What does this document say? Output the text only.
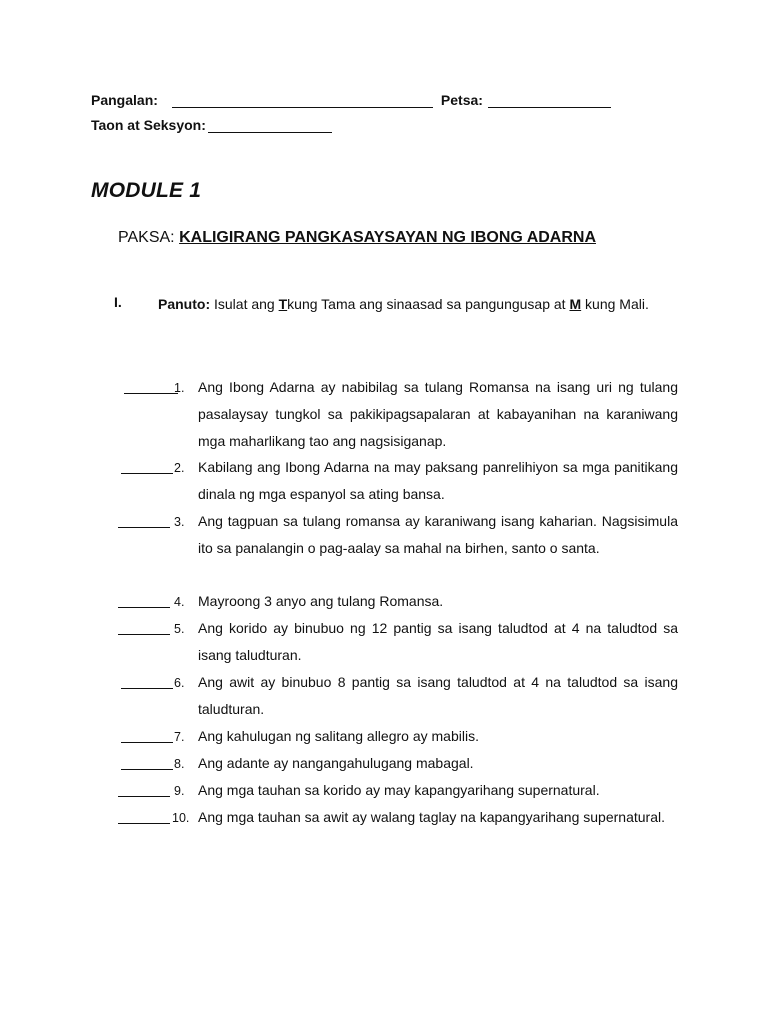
Pangalan:	Petsa:
Taon at Seksyon:
MODULE 1
PAKSA: KALIGIRANG PANGKASAYSAYAN NG IBONG ADARNA
I.	Panuto: Isulat ang Tkung Tama ang sinaasad sa pangungusap at M kung Mali.
1. Ang Ibong Adarna ay nabibilag sa tulang Romansa na isang uri ng tulang pasalaysay tungkol sa pakikipagsapalaran at kabayanihan na karaniwang mga maharlikang tao ang nagsisiganap.
2. Kabilang ang Ibong Adarna na may paksang panrelihiyon sa mga panitikang dinala ng mga espanyol sa ating bansa.
3. Ang tagpuan sa tulang romansa ay karaniwang isang kaharian. Nagsisimula ito sa panalangin o pag-aalay sa mahal na birhen, santo o santa.
4. Mayroong 3 anyo ang tulang Romansa.
5. Ang korido ay binubuo ng 12 pantig sa isang taludtod at 4 na taludtod sa isang taludturan.
6. Ang awit ay binubuo 8 pantig sa isang taludtod at 4 na taludtod sa isang taludturan.
7. Ang kahulugan ng salitang allegro ay mabilis.
8. Ang adante ay nangangahulugang mabagal.
9. Ang mga tauhan sa korido ay may kapangyarihang supernatural.
10. Ang mga tauhan sa awit ay walang taglay na kapangyarihang supernatural.
